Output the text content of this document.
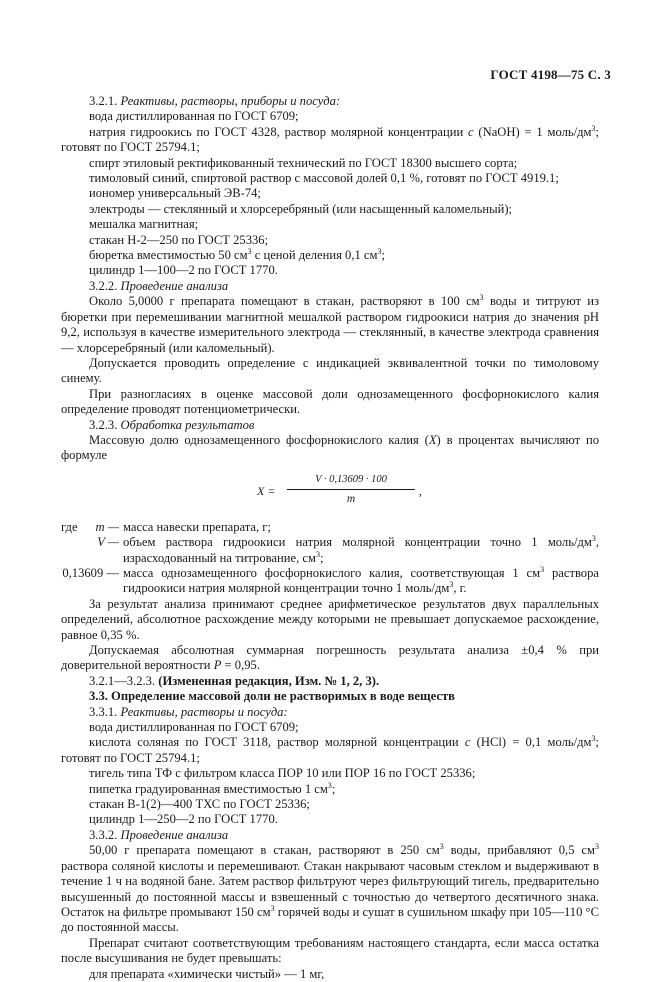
ГОСТ 4198—75 С. 3

3.2.1. Реактивы, растворы, приборы и посуда:

вода дистиллированная по ГОСТ 6709;

натрия гидроокись по ГОСТ 4328, раствор молярной концентрации c (NaOH) = 1 моль/$дм^3$; готовят по ГОСТ 25794.1;

спирт этиловый ректификованный технический по ГОСТ 18300 высшего сорта;

тимоловый синий, спиртовой раствор с массовой долей 0,1 %, готовят по ГОСТ 4919.1;

иономер универсальный ЭВ-74;

электроды — стеклянный и хлорсеребряный (или насыщенный каломельный);

мешалка магнитная;

стакан Н-2—250 по ГОСТ 25336;

бюретка вместимостью 50 $см^3$ с ценой деления 0,1 $см^3$;

цилиндр 1—100—2 по ГОСТ 1770.

3.2.2. Проведение анализа

Около 5,0000 г препарата помещают в стакан, растворяют в 100 $см^3$ воды и титруют из бюретки при перемешивании магнитной мешалкой раствором гидроокиси натрия до значения рН 9,2, используя в качестве измерительного электрода — стеклянный, в качестве электрода сравнения — хлорсеребряный (или каломельный).

Допускается проводить определение с индикацией эквивалентной точки по тимоловому синему.

При разногласиях в оценке массовой доли однозамещенного фосфорнокислого калия определение проводят потенциометрически.

3.2.3. Обработка результатов

Массовую долю однозамещенного фосфорнокислого калия (X) в процентах вычисляют по формуле

$X = \frac{V \cdot 0,13609 \cdot 100}{m}$ ,
где m — масса навески препарата, г;
V — объем раствора гидроокиси натрия молярной концентрации точно 1 моль/$дм^3$, израсходованный на титрование, $см^3$;
0,13609 — масса однозамещенного фосфорнокислого калия, соответствующая 1 $см^3$ раствора гидроокиси натрия молярной концентрации точно 1 моль/$дм^3$, г.

За результат анализа принимают среднее арифметическое результатов двух параллельных определений, абсолютное расхождение между которыми не превышает допускаемое расхождение, равное 0,35 %.

Допускаемая абсолютная суммарная погрешность результата анализа ±0,4 % при доверительной вероятности P = 0,95.

3.2.1—3.2.3. (Измененная редакция, Изм. № 1, 2, 3).

3.3. Определение массовой доли не растворимых в воде веществ

3.3.1. Реактивы, растворы и посуда:

вода дистиллированная по ГОСТ 6709;

кислота соляная по ГОСТ 3118, раствор молярной концентрации c (HCl) = 0,1 моль/$дм^3$; готовят по ГОСТ 25794.1;

тигель типа ТФ с фильтром класса ПОР 10 или ПОР 16 по ГОСТ 25336;

пипетка градуированная вместимостью 1 $см^3$;

стакан В-1(2)—400 ТХС по ГОСТ 25336;

цилиндр 1—250—2 по ГОСТ 1770.

3.3.2. Проведение анализа

50,00 г препарата помещают в стакан, растворяют в 250 $см^3$ воды, прибавляют 0,5 $см^3$ раствора соляной кислоты и перемешивают. Стакан накрывают часовым стеклом и выдерживают в течение 1 ч на водяной бане. Затем раствор фильтруют через фильтрующий тигель, предварительно высушенный до постоянной массы и взвешенный с точностью до четвертого десятичного знака. Остаток на фильтре промывают 150 $см^3$ горячей воды и сушат в сушильном шкафу при 105—110 °С до постоянной массы.

Препарат считают соответствующим требованиям настоящего стандарта, если масса остатка после высушивания не будет превышать:

для препарата «химически чистый» — 1 мг,
